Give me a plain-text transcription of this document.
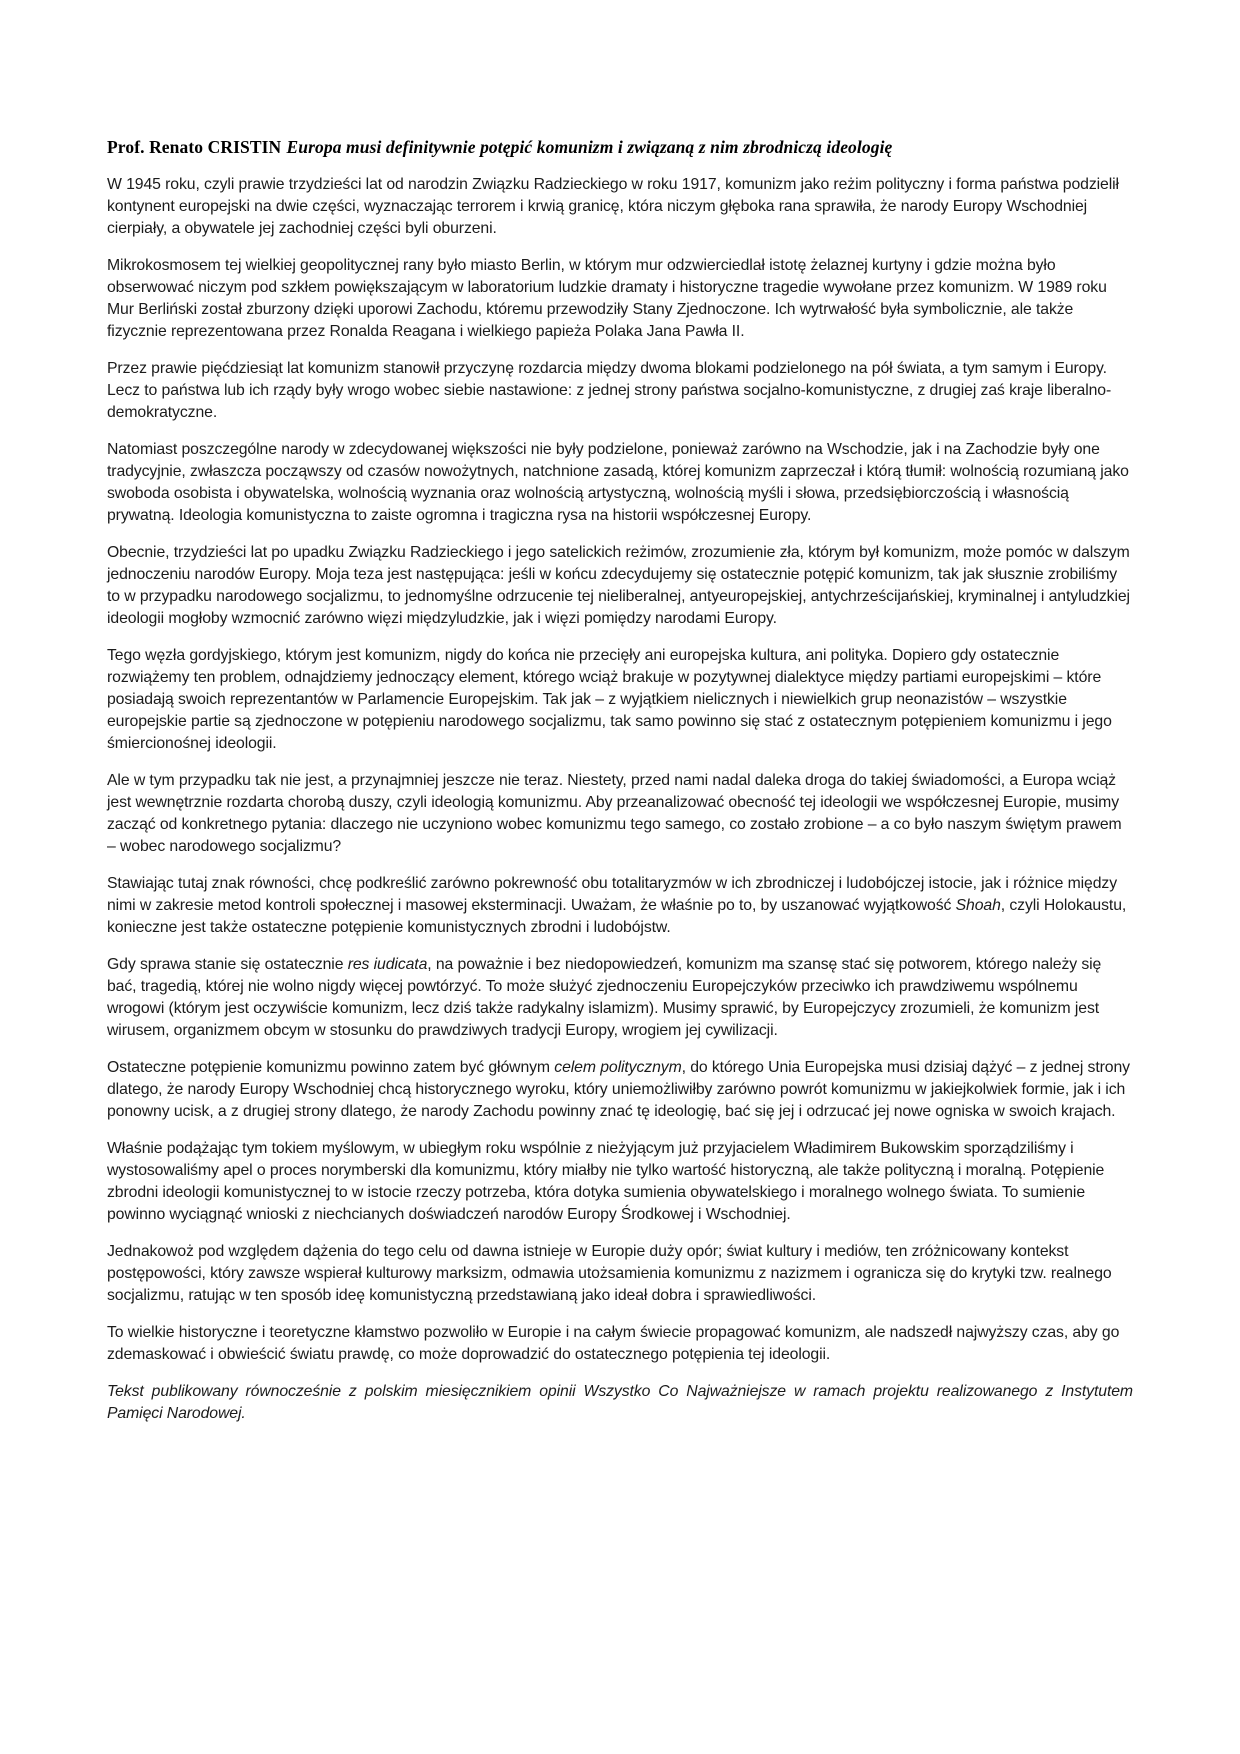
Prof. Renato CRISTIN Europa musi definitywnie potępić komunizm i związaną z nim zbrodniczą ideologię

W 1945 roku, czyli prawie trzydzieści lat od narodzin Związku Radzieckiego w roku 1917, komunizm jako reżim polityczny i forma państwa podzielił kontynent europejski na dwie części, wyznaczając terrorem i krwią granicę, która niczym głęboka rana sprawiła, że narody Europy Wschodniej cierpiały, a obywatele jej zachodniej części byli oburzeni.

Mikrokosmosem tej wielkiej geopolitycznej rany było miasto Berlin, w którym mur odzwierciedlał istotę żelaznej kurtyny i gdzie można było obserwować niczym pod szkłem powiększającym w laboratorium ludzkie dramaty i historyczne tragedie wywołane przez komunizm. W 1989 roku Mur Berliński został zburzony dzięki uporowi Zachodu, któremu przewodziły Stany Zjednoczone. Ich wytrwałość była symbolicznie, ale także fizycznie reprezentowana przez Ronalda Reagana i wielkiego papieża Polaka Jana Pawła II.

Przez prawie pięćdziesiąt lat komunizm stanowił przyczynę rozdarcia między dwoma blokami podzielonego na pół świata, a tym samym i Europy. Lecz to państwa lub ich rządy były wrogo wobec siebie nastawione: z jednej strony państwa socjalno-komunistyczne, z drugiej zaś kraje liberalno-demokratyczne.

Natomiast poszczególne narody w zdecydowanej większości nie były podzielone, ponieważ zarówno na Wschodzie, jak i na Zachodzie były one tradycyjnie, zwłaszcza począwszy od czasów nowożytnych, natchnione zasadą, której komunizm zaprzeczał i którą tłumił: wolnością rozumianą jako swoboda osobista i obywatelska, wolnością wyznania oraz wolnością artystyczną, wolnością myśli i słowa, przedsiębiorczością i własnością prywatną. Ideologia komunistyczna to zaiste ogromna i tragiczna rysa na historii współczesnej Europy.

Obecnie, trzydzieści lat po upadku Związku Radzieckiego i jego satelickich reżimów, zrozumienie zła, którym był komunizm, może pomóc w dalszym jednoczeniu narodów Europy. Moja teza jest następująca: jeśli w końcu zdecydujemy się ostatecznie potępić komunizm, tak jak słusznie zrobiliśmy to w przypadku narodowego socjalizmu, to jednomyślne odrzucenie tej nieliberalnej, antyeuropejskiej, antychrześcijańskiej, kryminalnej i antyludzkiej ideologii mogłoby wzmocnić zarówno więzi międzyludzkie, jak i więzi pomiędzy narodami Europy.

Tego węzła gordyjskiego, którym jest komunizm, nigdy do końca nie przecięły ani europejska kultura, ani polityka. Dopiero gdy ostatecznie rozwiążemy ten problem, odnajdziemy jednoczący element, którego wciąż brakuje w pozytywnej dialektyce między partiami europejskimi – które posiadają swoich reprezentantów w Parlamencie Europejskim. Tak jak – z wyjątkiem nielicznych i niewielkich grup neonazistów – wszystkie europejskie partie są zjednoczone w potępieniu narodowego socjalizmu, tak samo powinno się stać z ostatecznym potępieniem komunizmu i jego śmiercionośnej ideologii.

Ale w tym przypadku tak nie jest, a przynajmniej jeszcze nie teraz. Niestety, przed nami nadal daleka droga do takiej świadomości, a Europa wciąż jest wewnętrznie rozdarta chorobą duszy, czyli ideologią komunizmu. Aby przeanalizować obecność tej ideologii we współczesnej Europie, musimy zacząć od konkretnego pytania: dlaczego nie uczyniono wobec komunizmu tego samego, co zostało zrobione – a co było naszym świętym prawem – wobec narodowego socjalizmu?

Stawiając tutaj znak równości, chcę podkreślić zarówno pokrewność obu totalitaryzmów w ich zbrodniczej i ludobójczej istocie, jak i różnice między nimi w zakresie metod kontroli społecznej i masowej eksterminacji. Uważam, że właśnie po to, by uszanować wyjątkowość Shoah, czyli Holokaustu, konieczne jest także ostateczne potępienie komunistycznych zbrodni i ludobójstw.

Gdy sprawa stanie się ostatecznie res iudicata, na poważnie i bez niedopowiedzeń, komunizm ma szansę stać się potworem, którego należy się bać, tragedią, której nie wolno nigdy więcej powtórzyć. To może służyć zjednoczeniu Europejczyków przeciwko ich prawdziwemu wspólnemu wrogowi (którym jest oczywiście komunizm, lecz dziś także radykalny islamizm). Musimy sprawić, by Europejczycy zrozumieli, że komunizm jest wirusem, organizmem obcym w stosunku do prawdziwych tradycji Europy, wrogiem jej cywilizacji.

Ostateczne potępienie komunizmu powinno zatem być głównym celem politycznym, do którego Unia Europejska musi dzisiaj dążyć – z jednej strony dlatego, że narody Europy Wschodniej chcą historycznego wyroku, który uniemożliwiłby zarówno powrót komunizmu w jakiejkolwiek formie, jak i ich ponowny ucisk, a z drugiej strony dlatego, że narody Zachodu powinny znać tę ideologię, bać się jej i odrzucać jej nowe ogniska w swoich krajach.

Właśnie podążając tym tokiem myślowym, w ubiegłym roku wspólnie z nieżyjącym już przyjacielem Władimirem Bukowskim sporządziliśmy i wystosowaliśmy apel o proces norymberski dla komunizmu, który miałby nie tylko wartość historyczną, ale także polityczną i moralną. Potępienie zbrodni ideologii komunistycznej to w istocie rzeczy potrzeba, która dotyka sumienia obywatelskiego i moralnego wolnego świata. To sumienie powinno wyciągnąć wnioski z niechcianych doświadczeń narodów Europy Środkowej i Wschodniej.

Jednakowoż pod względem dążenia do tego celu od dawna istnieje w Europie duży opór; świat kultury i mediów, ten zróżnicowany kontekst postępowości, który zawsze wspierał kulturowy marksizm, odmawia utożsamienia komunizmu z nazizmem i ogranicza się do krytyki tzw. realnego socjalizmu, ratując w ten sposób ideę komunistyczną przedstawianą jako ideał dobra i sprawiedliwości.

To wielkie historyczne i teoretyczne kłamstwo pozwoliło w Europie i na całym świecie propagować komunizm, ale nadszedł najwyższy czas, aby go zdemaskować i obwieścić światu prawdę, co może doprowadzić do ostatecznego potępienia tej ideologii.

Tekst publikowany równocześnie z polskim miesięcznikiem opinii Wszystko Co Najważniejsze w ramach projektu realizowanego z Instytutem Pamięci Narodowej.
